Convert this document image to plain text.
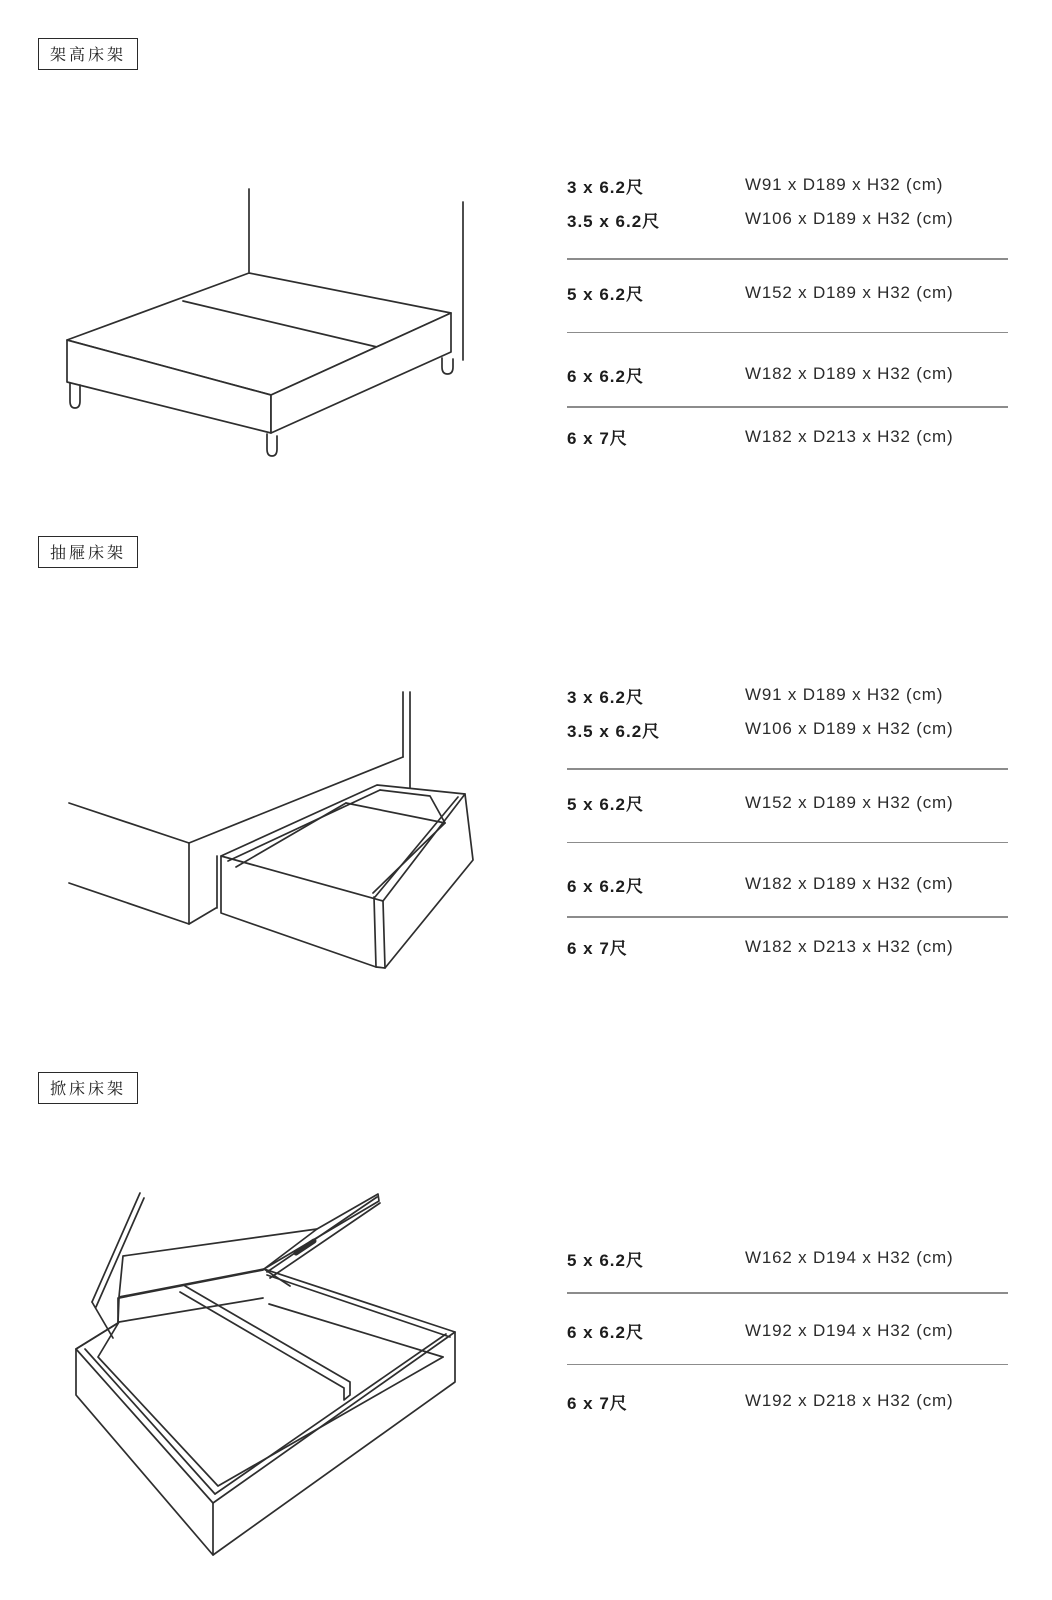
架高床架
3 x 6.2尺	W91 x D189 x H32 (cm)
3.5 x 6.2尺	W106 x D189 x H32 (cm)
5 x 6.2尺	W152 x D189 x H32 (cm)
6 x 6.2尺	W182 x D189 x H32 (cm)
6 x 7尺	W182 x D213 x H32 (cm)
抽屜床架
3 x 6.2尺	W91 x D189 x H32 (cm)
3.5 x 6.2尺	W106 x D189 x H32 (cm)
5 x 6.2尺	W152 x D189 x H32 (cm)
6 x 6.2尺	W182 x D189 x H32 (cm)
6 x 7尺	W182 x D213 x H32 (cm)
掀床床架
5 x 6.2尺	W162 x D194 x H32 (cm)
6 x 6.2尺	W192 x D194 x H32 (cm)
6 x 7尺	W192 x D218 x H32 (cm)
